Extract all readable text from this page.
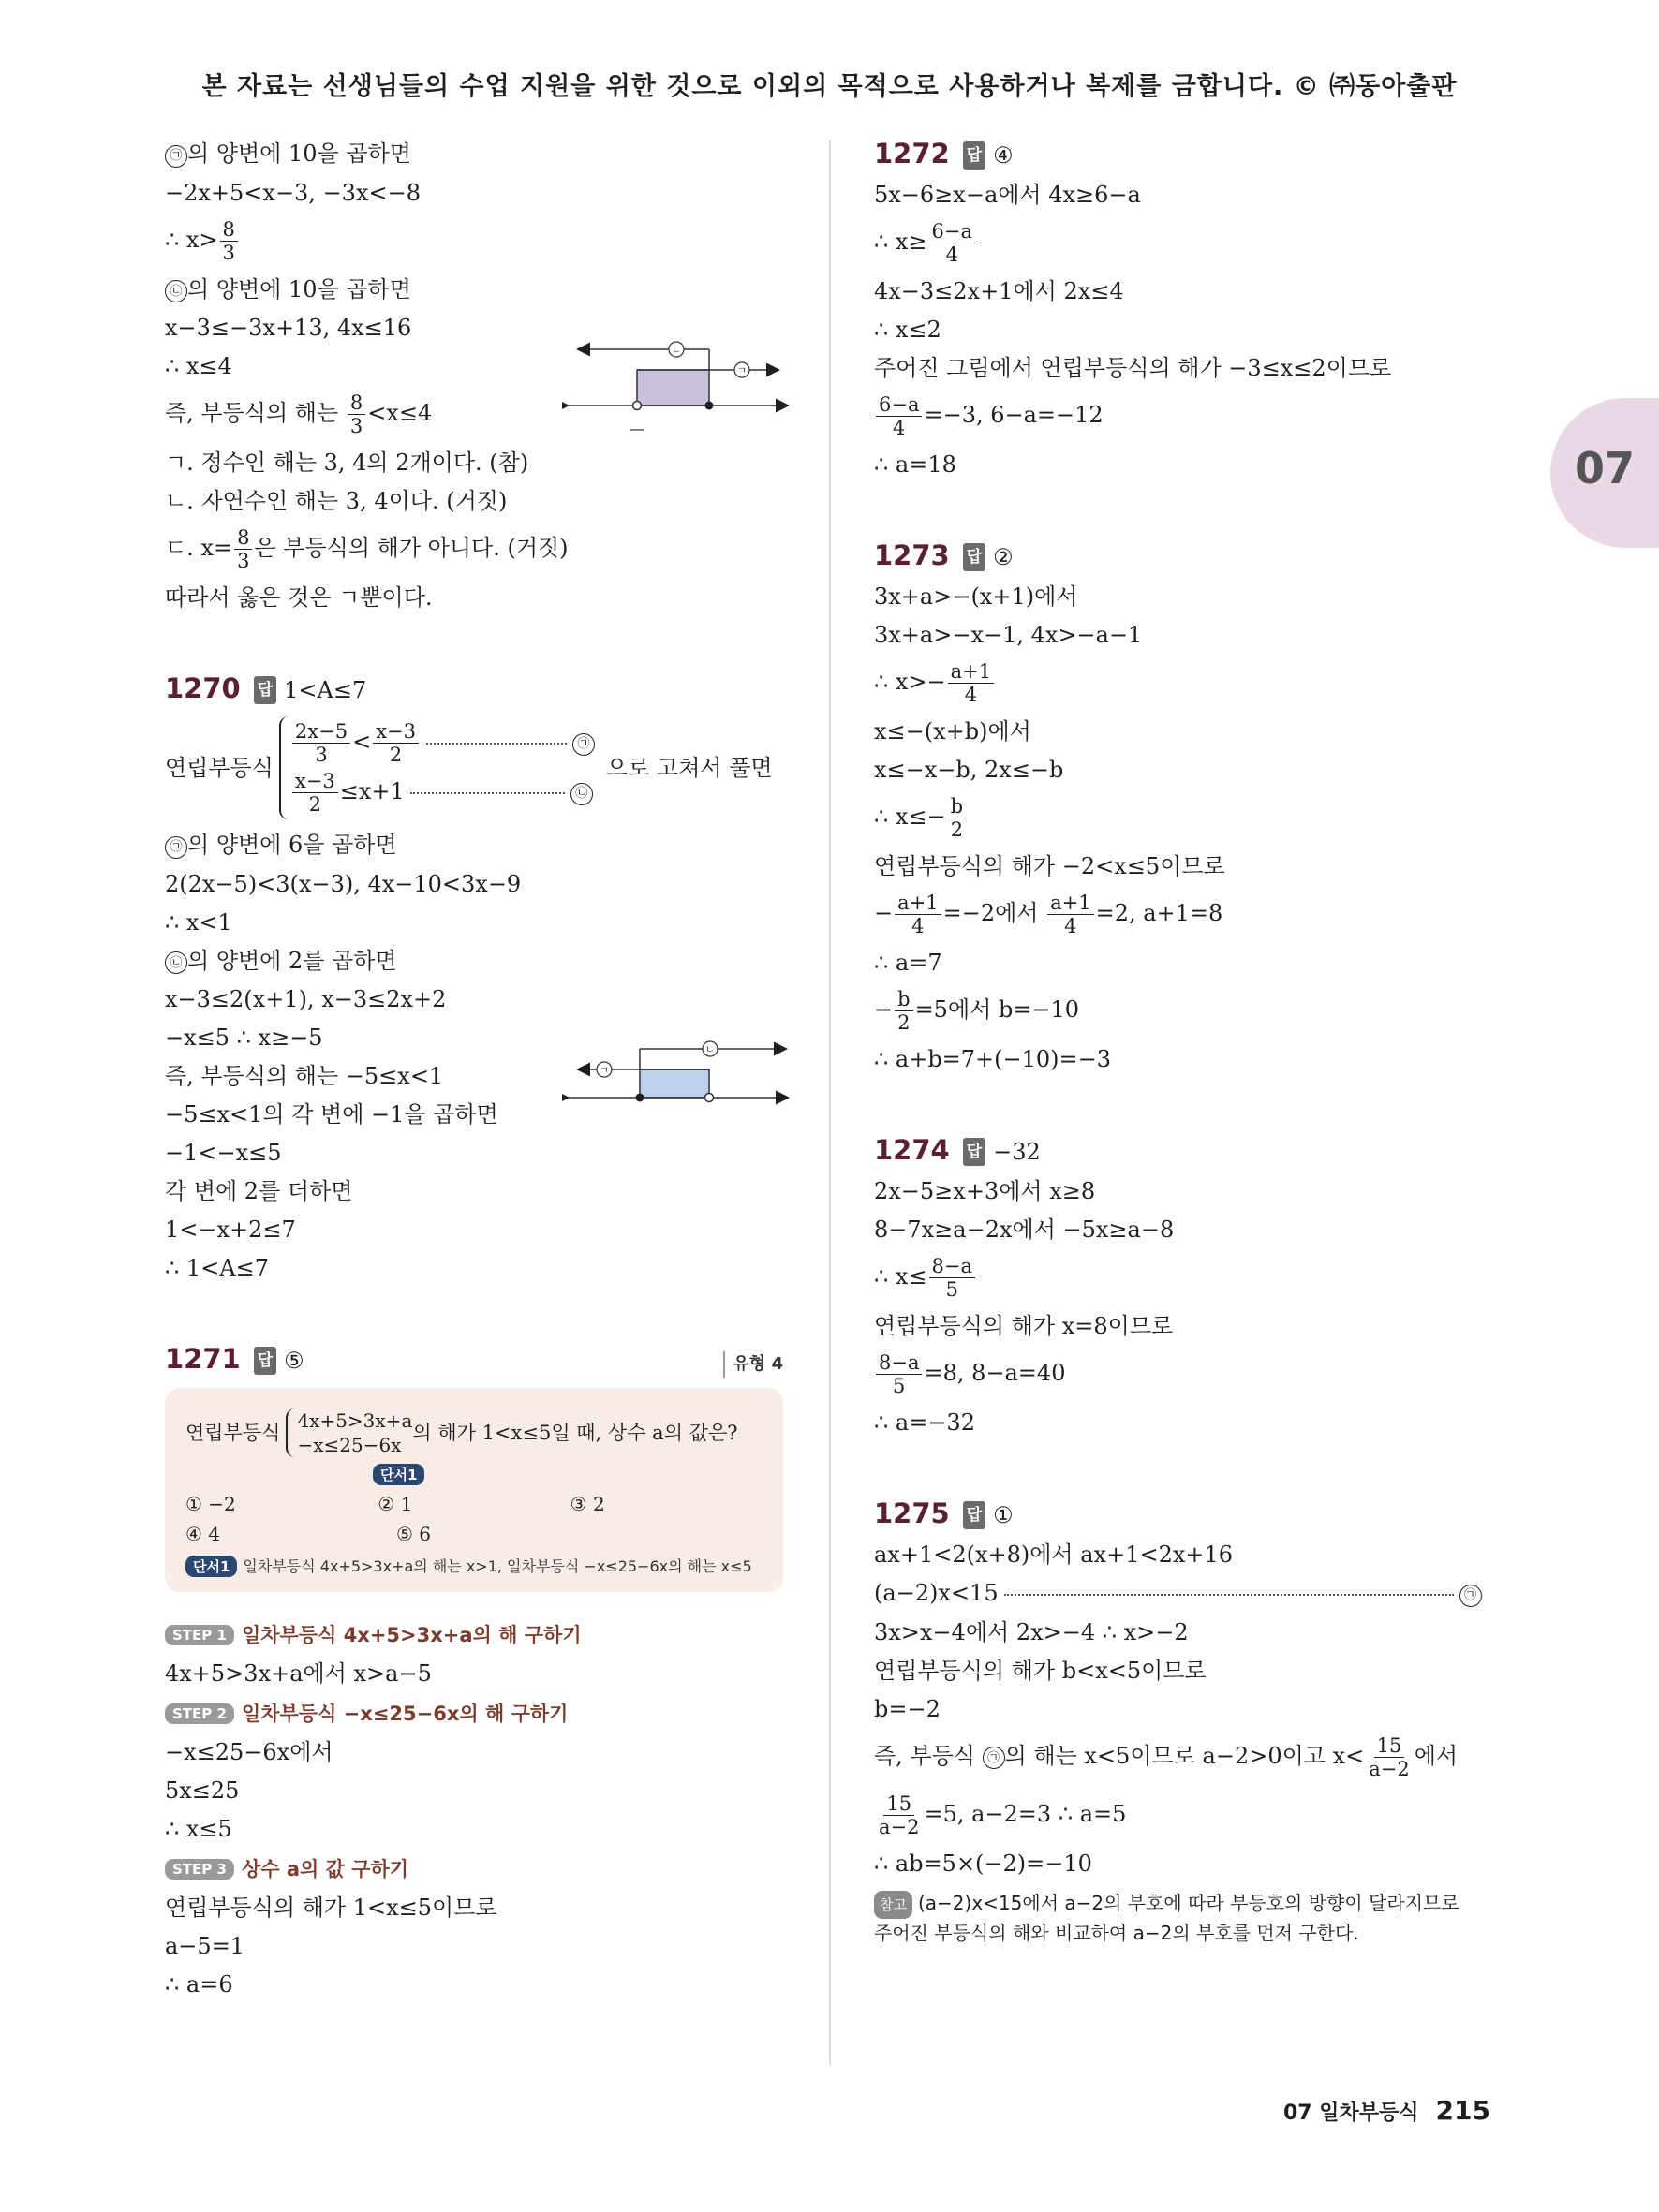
본 자료는 선생님들의 수업 지원을 위한 것으로 이외의 목적으로 사용하거나 복제를 금합니다. © ㈜동아출판
07
㉠ 의 양변에 10을 곱하면
−2x+5<x−3, −3x<−8
∴ $x> \frac{8}{3}$
㉡ 의 양변에 10을 곱하면
x−3≤−3x+13, 4x≤16
∴ x≤4
즉, 부등식의 해는 $\frac{8}{3} <x\le 4$
ㄱ. 정수인 해는 3, 4의 2개이다. (참)
ㄴ. 자연수인 해는 3, 4이다. (거짓)
ㄷ. $x= \frac{8}{3}$ 은 부등식의 해가 아니다. (거짓)
따라서 옳은 것은 ㄱ뿐이다.
1270 답 1<A≤7
연립부등식
$\frac{2x-5}{3} < \frac{x-3}{2}$	㉠
$\frac{x-3}{2} \le x+1$	㉡
으로 고쳐서 풀면
㉠ 의 양변에 6을 곱하면
2(2x−5)<3(x−3), 4x−10<3x−9
∴ x<1
㉡ 의 양변에 2를 곱하면
x−3≤2(x+1), x−3≤2x+2
−x≤5 ∴ x≥−5
즉, 부등식의 해는 −5≤x<1
−5≤x<1의 각 변에 −1을 곱하면
−1<−x≤5
각 변에 2를 더하면
1<−x+2≤7
∴ 1<A≤7
1271 답 ⑤	유형 4
연립부등식
4x+5>3x+a
−x≤25−6x
의 해가 1<x≤5일 때, 상수 a의 값은?
단서1
① −2	② 1	③ 2
④ 4	⑤ 6
단서1 일차부등식 4x+5>3x+a의 해는 x>1, 일차부등식 −x≤25−6x의 해는 x≤5
STEP 1 일차부등식 4x+5>3x+a의 해 구하기
4x+5>3x+a에서 x>a−5
STEP 2 일차부등식 −x≤25−6x의 해 구하기
−x≤25−6x에서
5x≤25
∴ x≤5
STEP 3 상수 a의 값 구하기
연립부등식의 해가 1<x≤5이므로
a−5=1
∴ a=6
ㄴ
ㄱ
ㄴ
ㄱ
1272 답 ④
5x−6≥x−a에서 4x≥6−a
∴ $x\ge \frac{6-a}{4}$
4x−3≤2x+1에서 2x≤4
∴ x≤2
주어진 그림에서 연립부등식의 해가 −3≤x≤2이므로
$\frac{6-a}{4} =-3$, 6−a=−12
∴ a=18
1273 답 ②
3x+a>−(x+1)에서
3x+a>−x−1, 4x>−a−1
∴ $x>- \frac{a+1}{4}$
x≤−(x+b)에서
x≤−x−b, 2x≤−b
∴ $x\le- \frac{b}{2}$
연립부등식의 해가 −2<x≤5이므로
− $\frac{a+1}{4} =-2$에서 $\frac{a+1}{4} =2$, a+1=8
∴ a=7
− $\frac{b}{2} =5$에서 b=−10
∴ a+b=7+(−10)=−3
1274 답 −32
2x−5≥x+3에서 x≥8
8−7x≥a−2x에서 −5x≥a−8
∴ $x\le \frac{8-a}{5}$
연립부등식의 해가 x=8이므로
$\frac{8-a}{5} =8$, 8−a=40
∴ a=−32
1275 답 ①
ax+1<2(x+8)에서 ax+1<2x+16
(a−2)x<15	㉠
3x>x−4에서 2x>−4 ∴ x>−2
연립부등식의 해가 b<x<5이므로
b=−2
즉, 부등식 ㉠ 의 해는 x<5이므로 a−2>0이고 $x< \frac{15}{a-2}$ 에서
$\frac{15}{a-2} =5$, a−2=3 ∴ a=5
∴ ab=5×(−2)=−10
참고 (a−2)x<15에서 a−2의 부호에 따라 부등호의 방향이 달라지므로
주어진 부등식의 해와 비교하여 a−2의 부호를 먼저 구한다.
07 일차부등식 215
